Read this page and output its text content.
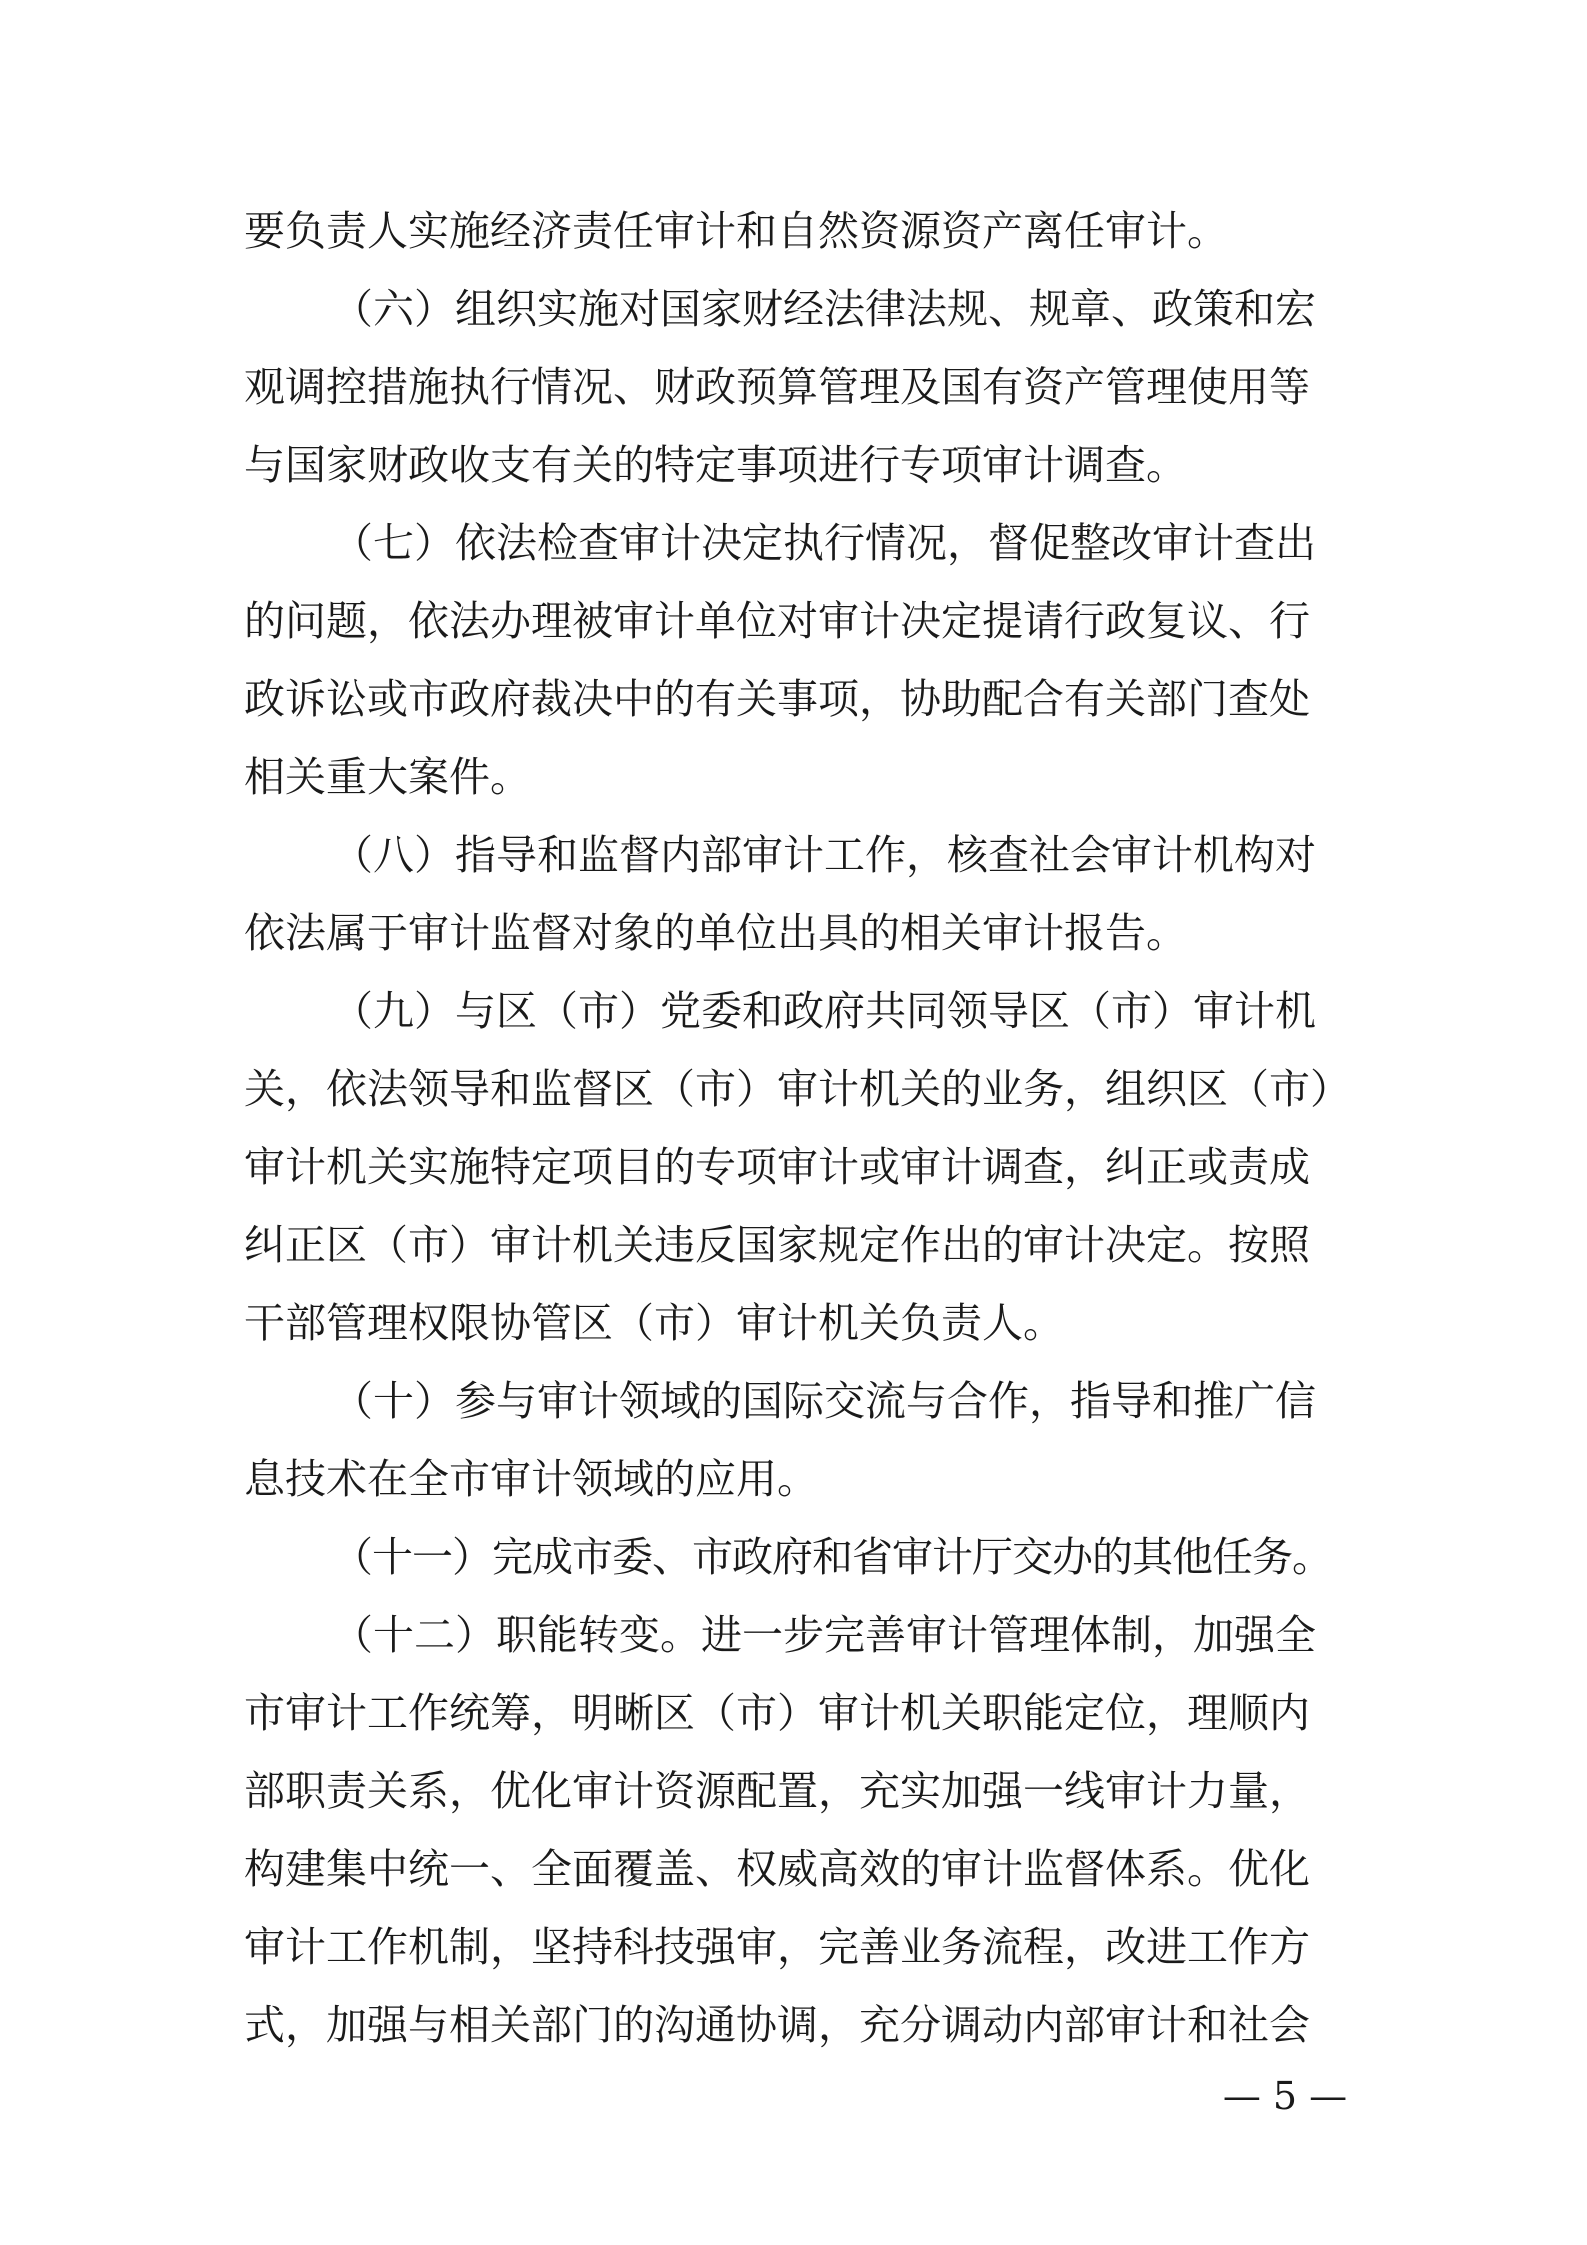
要负责人实施经济责任审计和自然资源资产离任审计。
（六）组织实施对国家财经法律法规、规章、政策和宏
观调控措施执行情况、财政预算管理及国有资产管理使用等
与国家财政收支有关的特定事项进行专项审计调查。
（七）依法检查审计决定执行情况，督促整改审计查出
的问题，依法办理被审计单位对审计决定提请行政复议、行
政诉讼或市政府裁决中的有关事项，协助配合有关部门查处
相关重大案件。
（八）指导和监督内部审计工作，核查社会审计机构对
依法属于审计监督对象的单位出具的相关审计报告。
（九）与区（市）党委和政府共同领导区（市）审计机
关，依法领导和监督区（市）审计机关的业务，组织区（市）
审计机关实施特定项目的专项审计或审计调查，纠正或责成
纠正区（市）审计机关违反国家规定作出的审计决定。按照
干部管理权限协管区（市）审计机关负责人。
（十）参与审计领域的国际交流与合作，指导和推广信
息技术在全市审计领域的应用。
（十一）完成市委、市政府和省审计厅交办的其他任务。
（十二）职能转变。进一步完善审计管理体制，加强全
市审计工作统筹，明晰区（市）审计机关职能定位，理顺内
部职责关系，优化审计资源配置，充实加强一线审计力量，
构建集中统一、全面覆盖、权威高效的审计监督体系。优化
审计工作机制，坚持科技强审，完善业务流程，改进工作方
式，加强与相关部门的沟通协调，充分调动内部审计和社会
— 5 —
